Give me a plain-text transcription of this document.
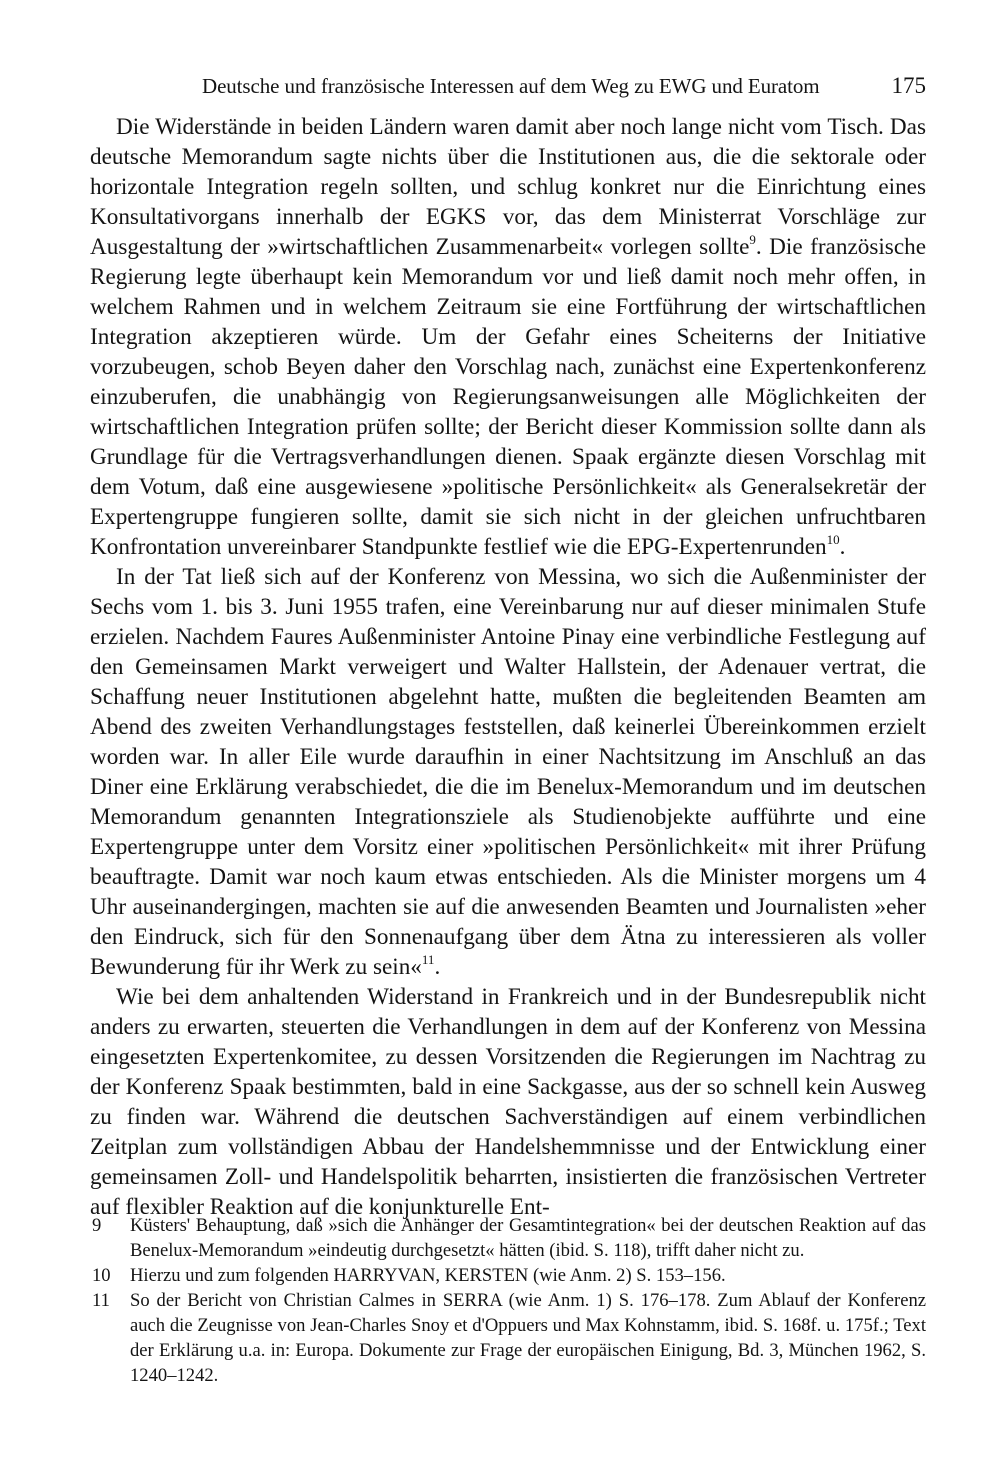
Deutsche und französische Interessen auf dem Weg zu EWG und Euratom	175

Die Widerstände in beiden Ländern waren damit aber noch lange nicht vom Tisch. Das deutsche Memorandum sagte nichts über die Institutionen aus, die die sektorale oder horizontale Integration regeln sollten, und schlug konkret nur die Einrichtung eines Konsultativorgans innerhalb der EGKS vor, das dem Ministerrat Vorschläge zur Ausgestaltung der »wirtschaftlichen Zusammenarbeit« vorlegen sollte$^9$. Die französische Regierung legte überhaupt kein Memorandum vor und ließ damit noch mehr offen, in welchem Rahmen und in welchem Zeitraum sie eine Fortführung der wirtschaftlichen Integration akzeptieren würde. Um der Gefahr eines Scheiterns der Initiative vorzubeugen, schob Beyen daher den Vorschlag nach, zunächst eine Expertenkonferenz einzuberufen, die unabhängig von Regierungsanweisungen alle Möglichkeiten der wirtschaftlichen Integration prüfen sollte; der Bericht dieser Kommission sollte dann als Grundlage für die Vertragsverhandlungen dienen. Spaak ergänzte diesen Vorschlag mit dem Votum, daß eine ausgewiesene »politische Persönlichkeit« als Generalsekretär der Expertengruppe fungieren sollte, damit sie sich nicht in der gleichen unfruchtbaren Konfrontation unvereinbarer Standpunkte festlief wie die EPG-Expertenrunden$^{10}$.

In der Tat ließ sich auf der Konferenz von Messina, wo sich die Außenminister der Sechs vom 1. bis 3. Juni 1955 trafen, eine Vereinbarung nur auf dieser minimalen Stufe erzielen. Nachdem Faures Außenminister Antoine Pinay eine verbindliche Festlegung auf den Gemeinsamen Markt verweigert und Walter Hallstein, der Adenauer vertrat, die Schaffung neuer Institutionen abgelehnt hatte, mußten die begleitenden Beamten am Abend des zweiten Verhandlungstages feststellen, daß keinerlei Übereinkommen erzielt worden war. In aller Eile wurde daraufhin in einer Nachtsitzung im Anschluß an das Diner eine Erklärung verabschiedet, die die im Benelux-Memorandum und im deutschen Memorandum genannten Integrationsziele als Studienobjekte aufführte und eine Expertengruppe unter dem Vorsitz einer »politischen Persönlichkeit« mit ihrer Prüfung beauftragte. Damit war noch kaum etwas entschieden. Als die Minister morgens um 4 Uhr auseinandergingen, machten sie auf die anwesenden Beamten und Journalisten »eher den Eindruck, sich für den Sonnenaufgang über dem Ätna zu interessieren als voller Bewunderung für ihr Werk zu sein«$^{11}$.

Wie bei dem anhaltenden Widerstand in Frankreich und in der Bundesrepublik nicht anders zu erwarten, steuerten die Verhandlungen in dem auf der Konferenz von Messina eingesetzten Expertenkomitee, zu dessen Vorsitzenden die Regierungen im Nachtrag zu der Konferenz Spaak bestimmten, bald in eine Sackgasse, aus der so schnell kein Ausweg zu finden war. Während die deutschen Sachverständigen auf einem verbindlichen Zeitplan zum vollständigen Abbau der Handelshemmnisse und der Entwicklung einer gemeinsamen Zoll- und Handelspolitik beharrten, insistierten die französischen Vertreter auf flexibler Reaktion auf die konjunkturelle Ent-

9	Küsters' Behauptung, daß »sich die Anhänger der Gesamtintegration« bei der deutschen Reaktion auf das Benelux-Memorandum »eindeutig durchgesetzt« hätten (ibid. S. 118), trifft daher nicht zu.
10	Hierzu und zum folgenden HARRYVAN, KERSTEN (wie Anm. 2) S. 153–156.
11	So der Bericht von Christian Calmes in SERRA (wie Anm. 1) S. 176–178. Zum Ablauf der Konferenz auch die Zeugnisse von Jean-Charles Snoy et d'Oppuers und Max Kohnstamm, ibid. S. 168f. u. 175f.; Text der Erklärung u.a. in: Europa. Dokumente zur Frage der europäischen Einigung, Bd. 3, München 1962, S. 1240–1242.
